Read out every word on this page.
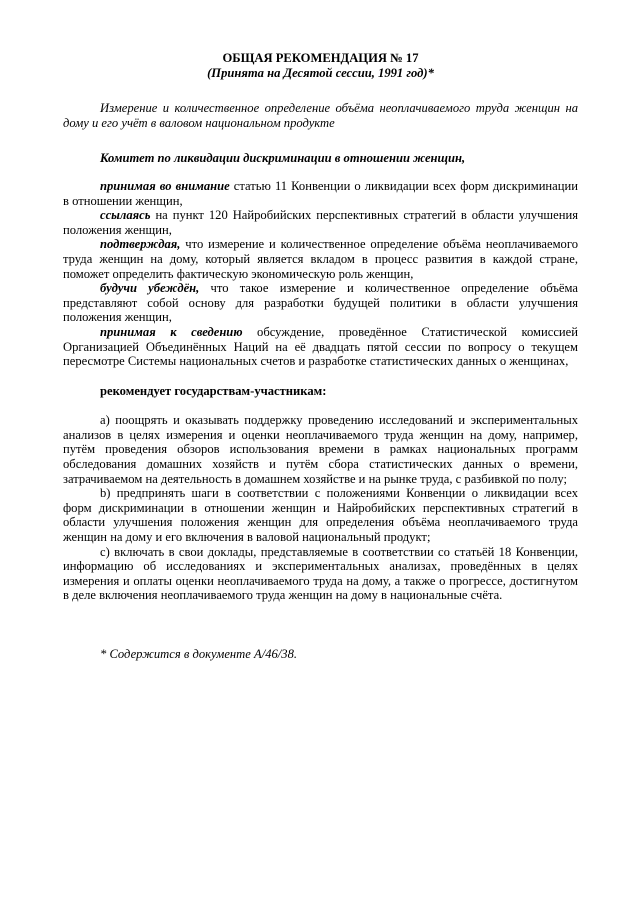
ОБЩАЯ РЕКОМЕНДАЦИЯ № 17
(Принята на Десятой сессии, 1991 год)*

Измерение и количественное определение объёма неоплачиваемого труда женщин на дому и его учёт в валовом национальном продукте

Комитет по ликвидации дискриминации в отношении женщин,

принимая во внимание статью 11 Конвенции о ликвидации всех форм дискриминации в отношении женщин,

ссылаясь на пункт 120 Найробийских перспективных стратегий в области улучшения положения женщин,

подтверждая, что измерение и количественное определение объёма неоплачиваемого труда женщин на дому, который является вкладом в процесс развития в каждой стране, поможет определить фактическую экономическую роль женщин,

будучи убеждён, что такое измерение и количественное определение объёма представляют собой основу для разработки будущей политики в области улучшения положения женщин,

принимая к сведению обсуждение, проведённое Статистической комиссией Организацией Объединённых Наций на её двадцать пятой сессии по вопросу о текущем пересмотре Системы национальных счетов и разработке статистических данных о женщинах,

рекомендует государствам-участникам:

a) поощрять и оказывать поддержку проведению исследований и экспериментальных анализов в целях измерения и оценки неоплачиваемого труда женщин на дому, например, путём проведения обзоров использования времени в рамках национальных программ обследования домашних хозяйств и путём сбора статистических данных о времени, затрачиваемом на деятельность в домашнем хозяйстве и на рынке труда, с разбивкой по полу;

b) предпринять шаги в соответствии с положениями Конвенции о ликвидации всех форм дискриминации в отношении женщин и Найробийских перспективных стратегий в области улучшения положения женщин для определения объёма неоплачиваемого труда женщин на дому и его включения в валовой национальный продукт;

c) включать в свои доклады, представляемые в соответствии со статьёй 18 Конвенции, информацию об исследованиях и экспериментальных анализах, проведённых в целях измерения и оплаты оценки неоплачиваемого труда на дому, а также о прогрессе, достигнутом в деле включения неоплачиваемого труда женщин на дому в национальные счёта.

* Содержится в документе A/46/38.
